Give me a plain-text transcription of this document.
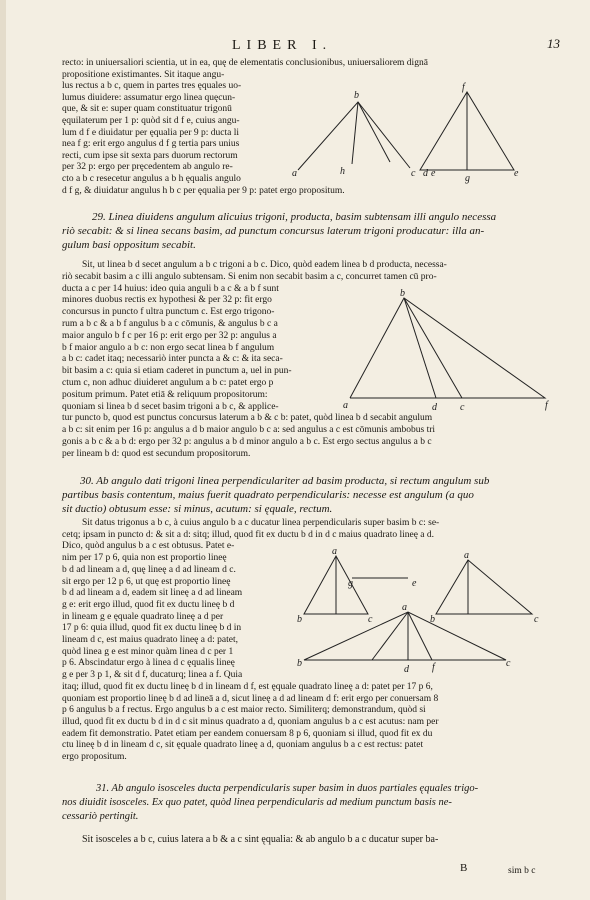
LIBER I.	13
recto: in uniuersaliori scientia, ut in ea, quę de elementatis conclusionibus, uniuersaliorem dignā
propositione existimantes. Sit itaque angu-
lus rectus a b c, quem in partes tres ęquales uo-
lumus diuidere: assumatur ergo linea quęcun-
que, & sit e: super quam constituatur trigonū
ęquilaterum per 1 p: quòd sit d f e, cuius angu-
lum d f e diuidatur per ęqualia per 9 p: ducta li
nea f g: erit ergo angulus d f g tertia pars unius
recti, cum ipse sit sexta pars duorum rectorum
per 32 p: ergo per pręcedentem ab angulo re-
cto a b c resecetur angulus a b h ęqualis angulo
d f g, & diuidatur angulus h b c per ęqualia per 9 p: patet ergo propositum.
b
f
a	h	c d e	g	e
29. Linea diuidens angulum alicuius trigoni, producta, basim subtensam illi angulo necessa
riò secabit: & si linea secans basim, ad punctum concursus laterum trigoni producatur: illa an-
gulum basi oppositum secabit.
Sit, ut linea b d secet angulum a b c trigoni a b c. Dico, quòd eadem linea b d producta, necessa-
riò secabit basim a c illi angulo subtensam. Si enim non secabit basim a c, concurret tamen cū pro-
ducta a c per 14 huius: ideo quia anguli b a c & a b f sunt
minores duobus rectis ex hypothesi & per 32 p: fit ergo
concursus in puncto f ultra punctum c. Est ergo trigono-
rum a b c & a b f angulus b a c cōmunis, & angulus b c a
maior angulo b f c per 16 p: erit ergo per 32 p: angulus a
b f maior angulo a b c: non ergo secat linea b f angulum
a b c: cadet itaq; necessariò inter puncta a & c: & ita seca-
bit basim a c: quia si etiam caderet in punctum a, uel in pun-
ctum c, non adhuc diuideret angulum a b c: patet ergo p
positum primum. Patet etiā & reliquum propositorum:
quoniam si linea b d secet basim trigoni a b c, & applice-
tur puncto b, quod est punctus concursus laterum a b & c b: patet, quòd linea b d secabit angulum
a b c: sit enim per 16 p: angulus a d b maior angulo b c a: sed angulus a c est cōmunis ambobus tri
gonis a b c & a b d: ergo per 32 p: angulus a b d minor angulo a b c. Est ergo sectus angulus a b c
per lineam b d: quod est secundum propositorum.
b
a	d c	f
30. Ab angulo dati trigoni linea perpendiculariter ad basim producta, si rectum angulum sub
partibus basis contentum, maius fuerit quadrato perpendicularis: necesse est angulum (a quo
sit ductio) obtusum esse: si minus, acutum: si ęquale, rectum.
Sit datus trigonus a b c, à cuius angulo b a c ducatur linea perpendicularis super basim b c: se-
cetq; ipsam in puncto d: & sit a d: sitq; illud, quod fit ex ductu b d in d c maius quadrato lineę a d.
Dico, quòd angulus b a c est obtusus. Patet e-
nim per 17 p 6, quia non est proportio lineę
b d ad lineam a d, quę lineę a d ad lineam d c.
sit ergo per 12 p 6, ut quę est proportio lineę
b d ad lineam a d, eadem sit lineę a d ad lineam
g e: erit ergo illud, quod fit ex ductu lineę b d
in lineam g e ęquale quadrato lineę a d per
17 p 6: quia illud, quod fit ex ductu lineę b d in
lineam d c, est maius quadrato lineę a d: patet,
quòd linea g e est minor quàm linea d c per 1
p 6. Abscindatur ergo à linea d c ęqualis lineę
g e per 3 p 1, & sit d f, ducaturq; linea a f. Quia
itaq; illud, quod fit ex ductu lineę b d in lineam d f, est ęquale quadrato lineę a d: patet per 17 p 6,
quoniam est proportio lineę b d ad lineā a d, sicut lineę a d ad lineam d f: erit ergo per conuersam 8
p 6 angulus b a f rectus. Ergo angulus b a c est maior recto. Similiterq; demonstrandum, quòd si
illud, quod fit ex ductu b d in d c sit minus quadrato a d, quoniam angulus b a c est acutus: nam per
eadem fit demonstratio. Patet etiam per eandem conuersam 8 p 6, quoniam si illud, quod fit ex du
ctu lineę b d in lineam d c, sit ęquale quadrato lineę a d, quoniam angulus b a c est rectus: patet
ergo propositum.
a
b	c
g	e
a
b	c
a
b
d f	c
31. Ab angulo isosceles ducta perpendicularis super basim in duos partiales ęquales trigo-
nos diuidit isosceles. Ex quo patet, quòd linea perpendicularis ad medium punctum basis ne-
cessariò pertingit.
Sit isosceles a b c, cuius latera a b & a c sint ęqualia: & ab angulo b a c ducatur super ba-
B	sim b c
